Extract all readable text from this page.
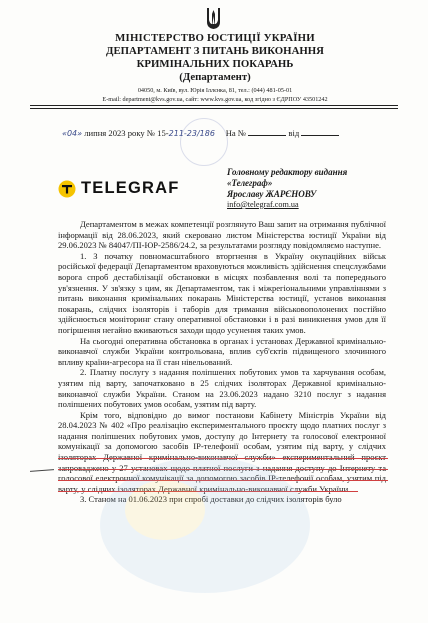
МІНІСТЕРСТВО ЮСТИЦІЇ УКРАЇНИ
ДЕПАРТАМЕНТ З ПИТАНЬ ВИКОНАННЯ
КРИМІНАЛЬНИХ ПОКАРАНЬ
(Департамент)
04050, м. Київ, вул. Юрія Іллєнка, 81, тел.: (044) 481-05-01
E-mail: department@kvs.gov.ua, сайт: www.kvs.gov.ua, код згідно з ЄДРПОУ 43501242
«04» липня 2023 року № 15-211-23/186 На №	від
TELEGRAF
Головному редактору видання
«Телеграф»
Ярославу ЖАРЄНОВУ
info@telegraf.com.ua

Департаментом в межах компетенції розглянуто Ваш запит на отримання публічної інформації від 28.06.2023, який скеровано листом Міністерства юстиції України від 29.06.2023 № 84047/ПІ-ЮР-2586/24.2, за результатами розгляду повідомляємо наступне.

1. З початку повномасштабного вторгнення в Україну окупаційних військ російської федерації Департаментом враховуються можливість здійснення спецслужбами ворога спроб дестабілізації обстановки в місцях позбавлення волі та попереднього ув'язнення. У зв'язку з цим, як Департаментом, так і міжрегіональними управліннями з питань виконання кримінальних покарань Міністерства юстиції, установ виконання покарань, слідчих ізоляторів і таборів для тримання військовополонених постійно здійснюється моніторинг стану оперативної обстановки і в разі виникнення умов для її погіршення негайно вживаються заходи щодо усунення таких умов.

На сьогодні оперативна обстановка в органах і установах Державної кримінально-виконавчої служби України контрольована, вплив суб'єктів підвищеного злочинного впливу країни-агресора на її стан нівельований.

2. Платну послугу з надання поліпшених побутових умов та харчування особам, узятим під варту, започатковано в 25 слідчих ізоляторах Державної кримінально-виконавчої служби України. Станом на 23.06.2023 надано 3210 послуг з надання поліпшених побутових умов особам, узятим під варту.

Крім того, відповідно до вимог постанови Кабінету Міністрів України від 28.04.2023 № 402 «Про реалізацію експериментального проєкту щодо платних послуг з надання поліпшених побутових умов, доступу до Інтернету та голосової електронної комунікації за допомогою засобів ІР-телефонії особам, узятим під варту, у слідчих ізоляторах Державної кримінально-виконавчої служби» експериментальний проєкт запроваджено у 27 установах щодо платної послуги з надання доступу до Інтернету та голосової електронної комунікації за допомогою засобів ІР-телефонії особам, узятим під варту, у слідчих ізоляторах Державної кримінально-виконавчої служби України.

3. Станом на 01.06.2023 при спробі доставки до слідчих ізоляторів було
